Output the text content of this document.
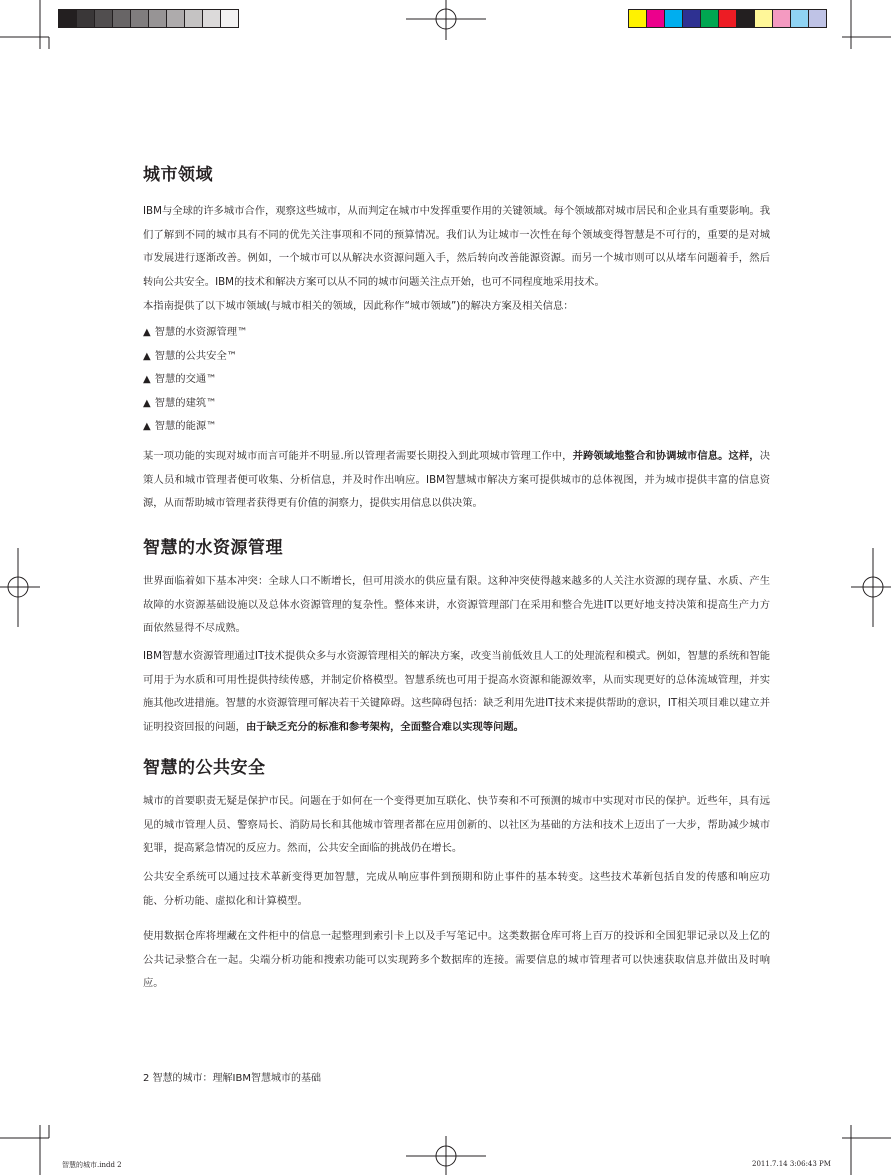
城市领域

IBM与全球的许多城市合作，观察这些城市，从而判定在城市中发挥重要作用的关键领域。每个领域都对城市居民和企业具有重要影响。我们了解到不同的城市具有不同的优先关注事项和不同的预算情况。我们认为让城市一次性在每个领域变得智慧是不可行的，重要的是对城市发展进行逐渐改善。例如，一个城市可以从解决水资源问题入手，然后转向改善能源资源。而另一个城市则可以从堵车问题着手，然后转向公共安全。IBM的技术和解决方案可以从不同的城市问题关注点开始，也可不同程度地采用技术。

本指南提供了以下城市领域(与城市相关的领域，因此称作“城市领域”)的解决方案及相关信息：

▲ 智慧的水资源管理™
▲ 智慧的公共安全™
▲ 智慧的交通™
▲ 智慧的建筑™
▲ 智慧的能源™

某一项功能的实现对城市而言可能并不明显.所以管理者需要长期投入到此项城市管理工作中，并跨领域地整合和协调城市信息。这样，决策人员和城市管理者便可收集、分析信息，并及时作出响应。IBM智慧城市解决方案可提供城市的总体视图，并为城市提供丰富的信息资源，从而帮助城市管理者获得更有价值的洞察力，提供实用信息以供决策。

智慧的水资源管理

世界面临着如下基本冲突：全球人口不断增长，但可用淡水的供应量有限。这种冲突使得越来越多的人关注水资源的现存量、水质、产生故障的水资源基础设施以及总体水资源管理的复杂性。整体来讲，水资源管理部门在采用和整合先进IT以更好地支持决策和提高生产力方面依然显得不尽成熟。

IBM智慧水资源管理通过IT技术提供众多与水资源管理相关的解决方案，改变当前低效且人工的处理流程和模式。例如，智慧的系统和智能可用于为水质和可用性提供持续传感，并制定价格模型。智慧系统也可用于提高水资源和能源效率，从而实现更好的总体流域管理，并实施其他改进措施。智慧的水资源管理可解决若干关键障碍。这些障碍包括：缺乏利用先进IT技术来提供帮助的意识，IT相关项目难以建立并证明投资回报的问题，由于缺乏充分的标准和参考架构，全面整合难以实现等问题。

智慧的公共安全

城市的首要职责无疑是保护市民。问题在于如何在一个变得更加互联化、快节奏和不可预测的城市中实现对市民的保护。近些年，具有远见的城市管理人员、警察局长、消防局长和其他城市管理者都在应用创新的、以社区为基础的方法和技术上迈出了一大步，帮助减少城市犯罪，提高紧急情况的反应力。然而，公共安全面临的挑战仍在增长。

公共安全系统可以通过技术革新变得更加智慧，完成从响应事件到预期和防止事件的基本转变。这些技术革新包括自发的传感和响应功能、分析功能、虚拟化和计算模型。

使用数据仓库将埋藏在文件柜中的信息一起整理到索引卡上以及手写笔记中。这类数据仓库可将上百万的投诉和全国犯罪记录以及上亿的公共记录整合在一起。尖端分析功能和搜索功能可以实现跨多个数据库的连接。需要信息的城市管理者可以快速获取信息并做出及时响应。

2 智慧的城市：理解IBM智慧城市的基础
智慧的城市.indd 2	2011.7.14 3:06:43 PM
